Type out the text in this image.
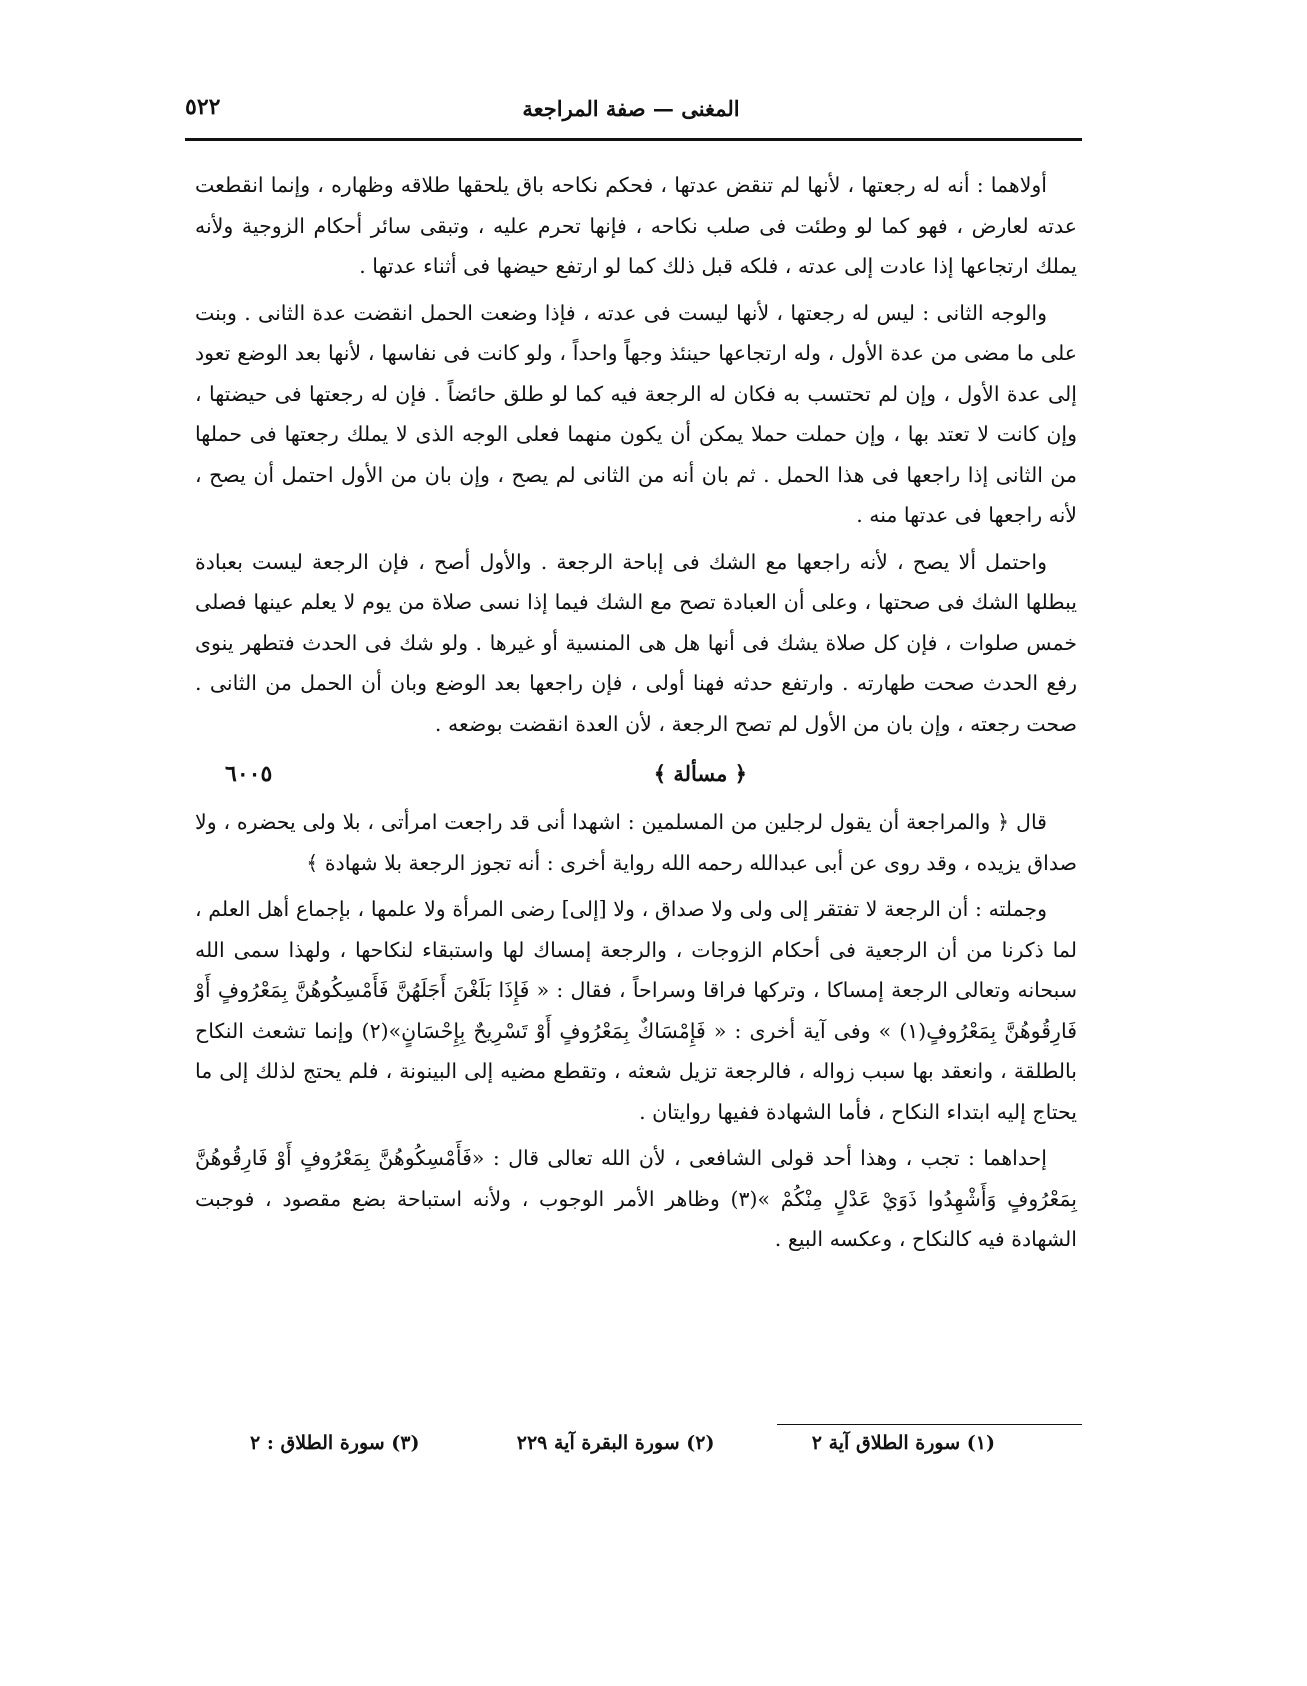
المغنى — صفة المراجعة
٥٢٢

أولاهما : أنه له رجعتها ، لأنها لم تنقض عدتها ، فحكم نكاحه باق يلحقها طلاقه وظهاره ، وإنما انقطعت عدته لعارض ، فهو كما لو وطئت فى صلب نكاحه ، فإنها تحرم عليه ، وتبقى سائر أحكام الزوجية ولأنه يملك ارتجاعها إذا عادت إلى عدته ، فلكه قبل ذلك كما لو ارتفع حيضها فى أثناء عدتها .

والوجه الثانى : ليس له رجعتها ، لأنها ليست فى عدته ، فإذا وضعت الحمل انقضت عدة الثانى . وبنت على ما مضى من عدة الأول ، وله ارتجاعها حينئذ وجهاً واحداً ، ولو كانت فى نفاسها ، لأنها بعد الوضع تعود إلى عدة الأول ، وإن لم تحتسب به فكان له الرجعة فيه كما لو طلق حائضاً . فإن له رجعتها فى حيضتها ، وإن كانت لا تعتد بها ، وإن حملت حملا يمكن أن يكون منهما فعلى الوجه الذى لا يملك رجعتها فى حملها من الثانى إذا راجعها فى هذا الحمل . ثم بان أنه من الثانى لم يصح ، وإن بان من الأول احتمل أن يصح ، لأنه راجعها فى عدتها منه .

واحتمل ألا يصح ، لأنه راجعها مع الشك فى إباحة الرجعة . والأول أصح ، فإن الرجعة ليست بعبادة يبطلها الشك فى صحتها ، وعلى أن العبادة تصح مع الشك فيما إذا نسى صلاة من يوم لا يعلم عينها فصلى خمس صلوات ، فإن كل صلاة يشك فى أنها هل هى المنسية أو غيرها . ولو شك فى الحدث فتطهر ينوى رفع الحدث صحت طهارته . وارتفع حدثه فهنا أولى ، فإن راجعها بعد الوضع وبان أن الحمل من الثانى . صحت رجعته ، وإن بان من الأول لم تصح الرجعة ، لأن العدة انقضت بوضعه .

﴿ مسألة ﴾
٦٠٠٥

قال ﴿ والمراجعة أن يقول لرجلين من المسلمين : اشهدا أنى قد راجعت امرأتى ، بلا ولى يحضره ، ولا صداق يزيده ، وقد روى عن أبى عبدالله رحمه الله رواية أخرى : أنه تجوز الرجعة بلا شهادة ﴾

وجملته : أن الرجعة لا تفتقر إلى ولى ولا صداق ، ولا [إلى] رضى المرأة ولا علمها ، بإجماع أهل العلم ، لما ذكرنا من أن الرجعية فى أحكام الزوجات ، والرجعة إمساك لها واستبقاء لنكاحها ، ولهذا سمى الله سبحانه وتعالى الرجعة إمساكا ، وتركها فراقا وسراحاً ، فقال : « فَإِذَا بَلَغْنَ أَجَلَهُنَّ فَأَمْسِكُوهُنَّ بِمَعْرُوفٍ أَوْ فَارِقُوهُنَّ بِمَعْرُوفٍ(١) » وفى آية أخرى : « فَإِمْسَاكٌ بِمَعْرُوفٍ أَوْ تَسْرِيحٌ بِإِحْسَانٍ»(٢) وإنما تشعث النكاح بالطلقة ، وانعقد بها سبب زواله ، فالرجعة تزيل شعثه ، وتقطع مضيه إلى البينونة ، فلم يحتج لذلك إلى ما يحتاج إليه ابتداء النكاح ، فأما الشهادة ففيها روايتان .

إحداهما : تجب ، وهذا أحد قولى الشافعى ، لأن الله تعالى قال : «فَأَمْسِكُوهُنَّ بِمَعْرُوفٍ أَوْ فَارِقُوهُنَّ بِمَعْرُوفٍ وَأَشْهِدُوا ذَوَيْ عَدْلٍ مِنْكُمْ »(٣) وظاهر الأمر الوجوب ، ولأنه استباحة بضع مقصود ، فوجبت الشهادة فيه كالنكاح ، وعكسه البيع .

(١) سورة الطلاق آية ٢
(٢) سورة البقرة آية ٢٢٩
(٣) سورة الطلاق : ٢
